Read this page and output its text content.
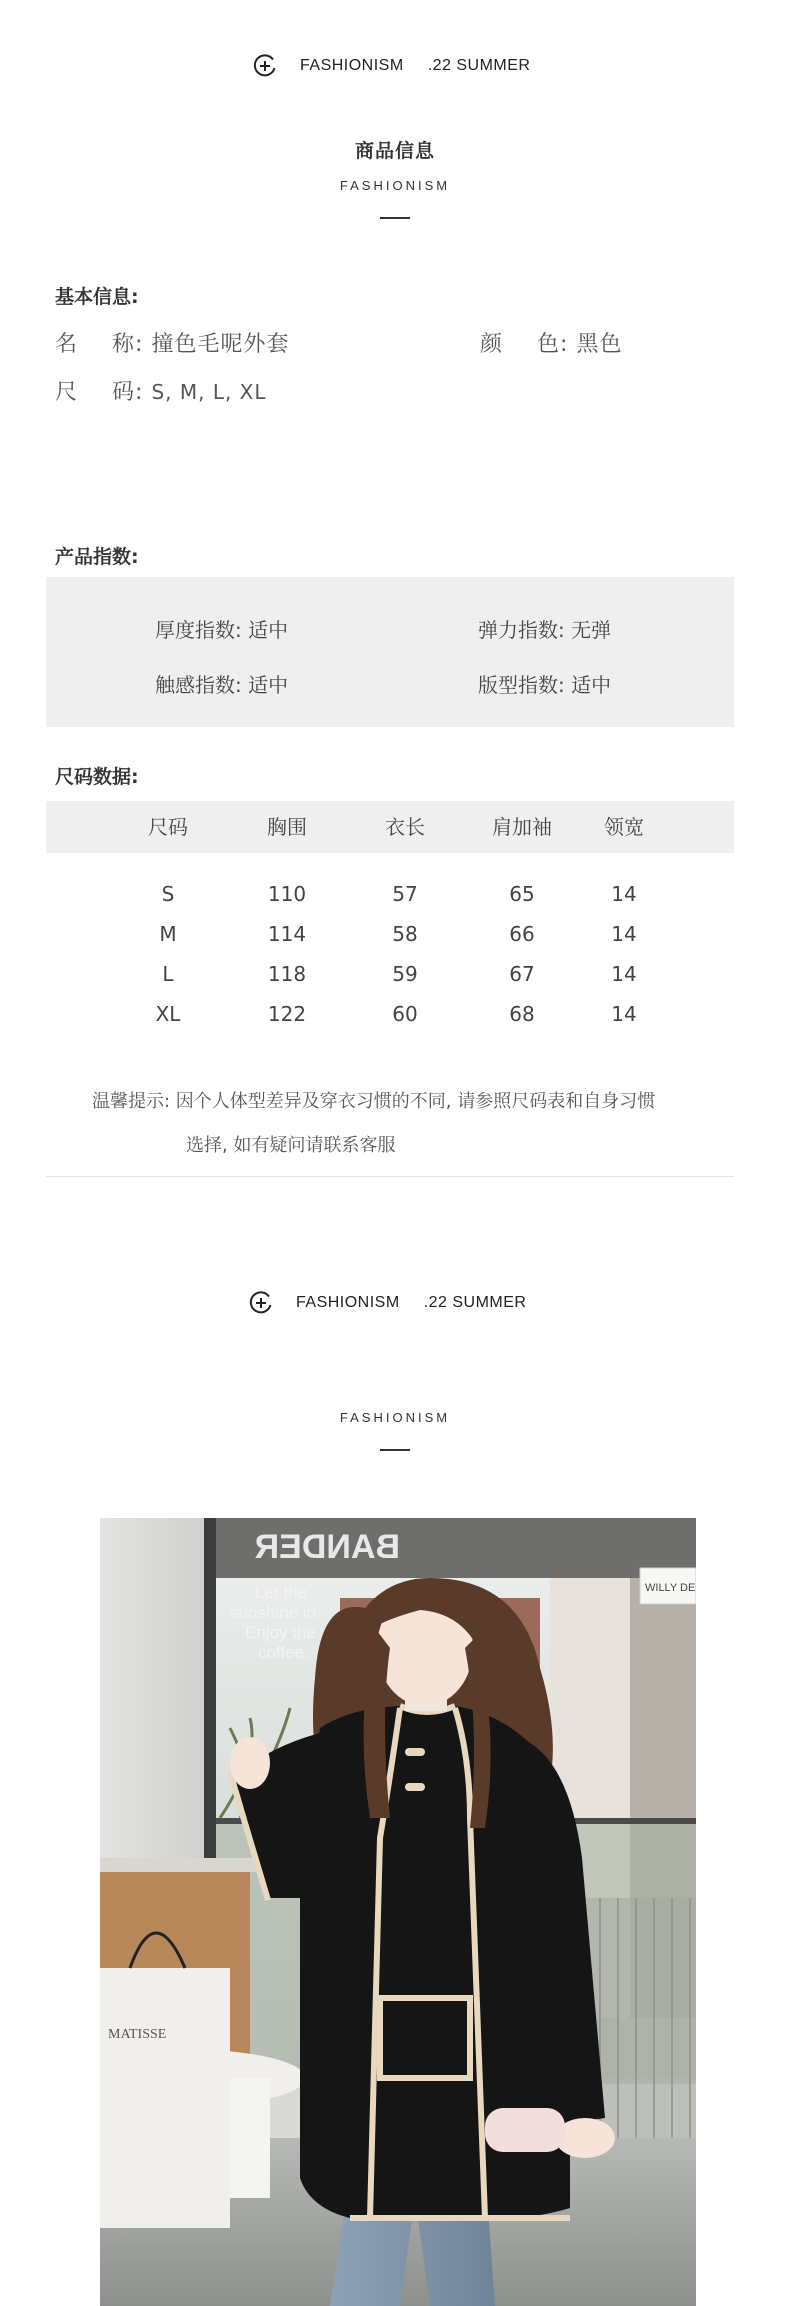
FASHIONISM .22 SUMMER
商品信息
FASHIONISM
基本信息:
名 称: 撞色毛呢外套	颜 色: 黑色
尺 码: S, M, L, XL
产品指数:
厚度指数: 适中	弹力指数: 无弹
触感指数: 适中	版型指数: 适中
尺码数据:
尺码	胸围	衣长	肩加袖	领宽
S	110	57	65	14
M	114	58	66	14
L	118	59	67	14
XL	122	60	68	14
温馨提示: 因个人体型差异及穿衣习惯的不同, 请参照尺码表和自身习惯
选择, 如有疑问请联系客服
FASHIONISM .22 SUMMER
FASHIONISM
BANDER
WILLY DE
Let the
sunshine in
Enjoy the
coffee.
MATISSE
